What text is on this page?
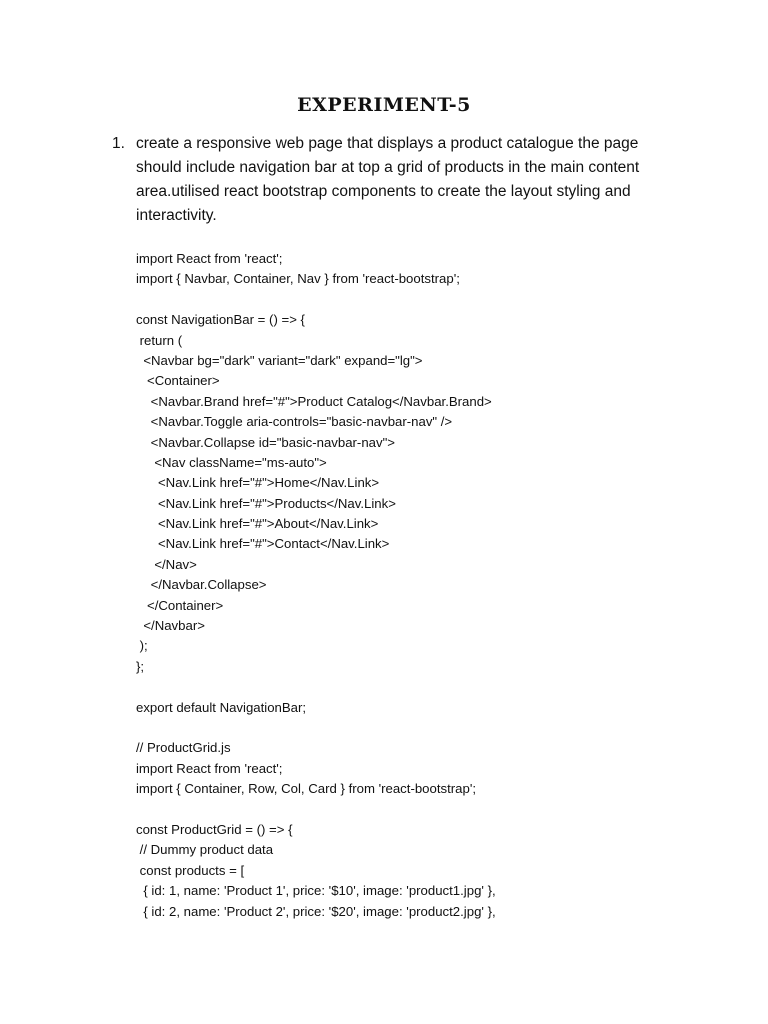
EXPERIMENT-5
1. create a responsive web page that displays a product catalogue the page should include navigation bar at top a grid of products in the main content area.utilised react bootstrap components to create the layout styling and interactivity.
import React from 'react';
import { Navbar, Container, Nav } from 'react-bootstrap';
const NavigationBar = () => {
return (
<Navbar bg="dark" variant="dark" expand="lg">
<Container>
<Navbar.Brand href="#">Product Catalog</Navbar.Brand>
<Navbar.Toggle aria-controls="basic-navbar-nav" />
<Navbar.Collapse id="basic-navbar-nav">
<Nav className="ms-auto">
<Nav.Link href="#">Home</Nav.Link>
<Nav.Link href="#">Products</Nav.Link>
<Nav.Link href="#">About</Nav.Link>
<Nav.Link href="#">Contact</Nav.Link>
</Nav>
</Navbar.Collapse>
</Container>
</Navbar>
);
};
export default NavigationBar;
// ProductGrid.js
import React from 'react';
import { Container, Row, Col, Card } from 'react-bootstrap';
const ProductGrid = () => {
// Dummy product data
const products = [
{ id: 1, name: 'Product 1', price: '$10', image: 'product1.jpg' },
{ id: 2, name: 'Product 2', price: '$20', image: 'product2.jpg' },
